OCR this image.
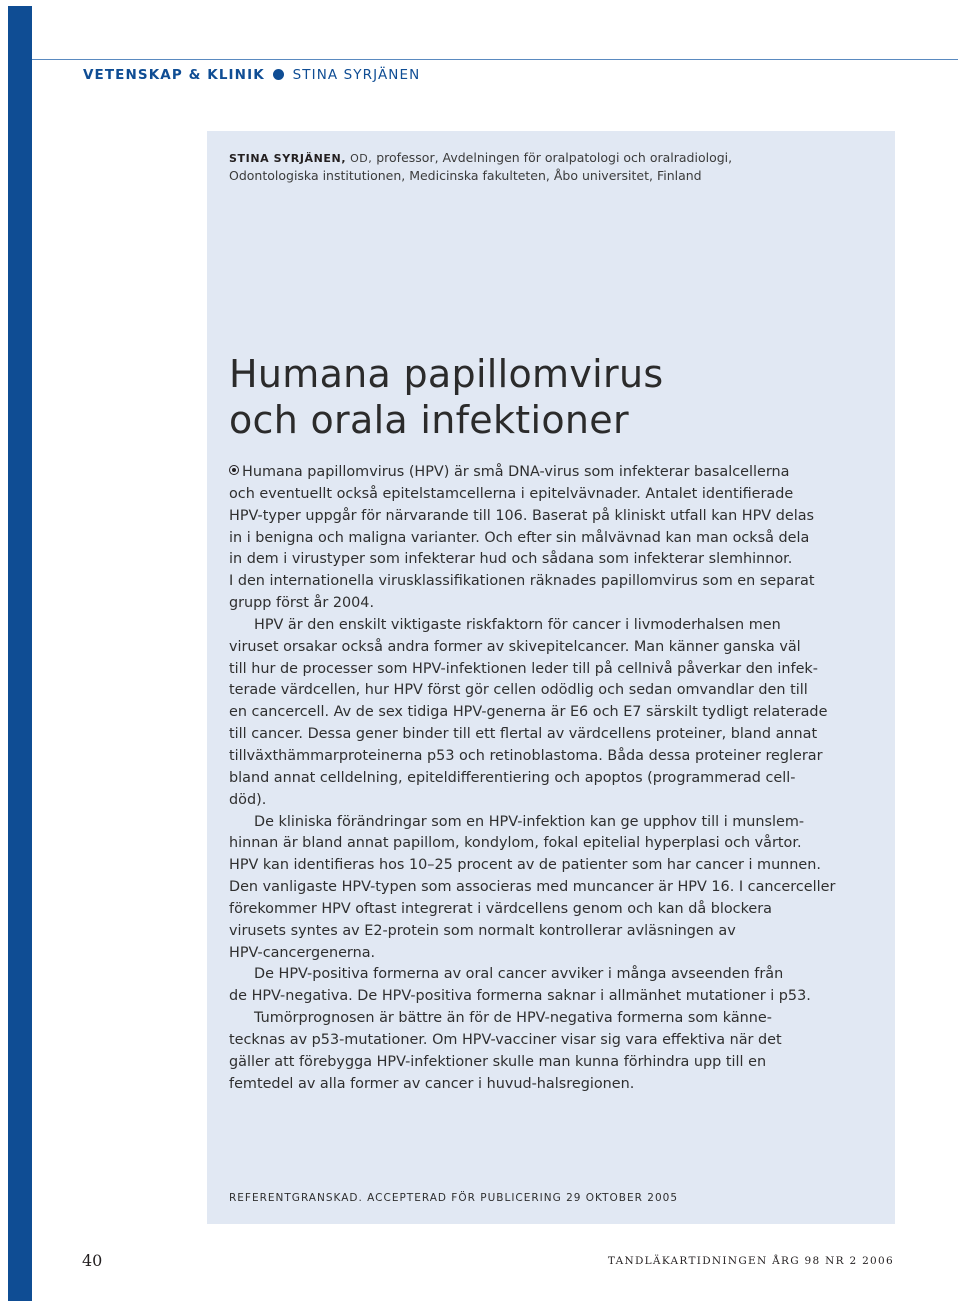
VETENSKAP & KLINIK STINA SYRJÄNEN
STINA SYRJÄNEN, OD, professor, Avdelningen för oralpatologi och oralradiologi,
Odontologiska institutionen, Medicinska fakulteten, Åbo universitet, Finland
Humana papillomvirus
och orala infektioner
Humana papillomvirus (HPV) är små DNA-virus som infekterar basalcellerna
och eventuellt också epitelstamcellerna i epitelvävnader. Antalet identifierade
HPV-typer uppgår för närvarande till 106. Baserat på kliniskt utfall kan HPV delas
in i benigna och maligna varianter. Och efter sin målvävnad kan man också dela
in dem i virustyper som infekterar hud och sådana som infekterar slemhinnor.
I den internationella virusklassifikationen räknades papillomvirus som en separat
grupp först år 2004.
HPV är den enskilt viktigaste riskfaktorn för cancer i livmoderhalsen men
viruset orsakar också andra former av skivepitelcancer. Man känner ganska väl
till hur de processer som HPV-infektionen leder till på cellnivå påverkar den infek-
terade värdcellen, hur HPV först gör cellen odödlig och sedan omvandlar den till
en cancercell. Av de sex tidiga HPV-generna är E6 och E7 särskilt tydligt relaterade
till cancer. Dessa gener binder till ett flertal av värdcellens proteiner, bland annat
tillväxthämmarproteinerna p53 och retinoblastoma. Båda dessa proteiner reglerar
bland annat celldelning, epiteldifferentiering och apoptos (programmerad cell-
död).
De kliniska förändringar som en HPV-infektion kan ge upphov till i munslem-
hinnan är bland annat papillom, kondylom, fokal epitelial hyperplasi och vårtor.
HPV kan identifieras hos 10–25 procent av de patienter som har cancer i munnen.
Den vanligaste HPV-typen som associeras med muncancer är HPV 16. I cancerceller
förekommer HPV oftast integrerat i värdcellens genom och kan då blockera
virusets syntes av E2-protein som normalt kontrollerar avläsningen av
HPV-cancergenerna.
De HPV-positiva formerna av oral cancer avviker i många avseenden från
de HPV-negativa. De HPV-positiva formerna saknar i allmänhet mutationer i p53.
Tumörprognosen är bättre än för de HPV-negativa formerna som känne-
tecknas av p53-mutationer. Om HPV-vacciner visar sig vara effektiva när det
gäller att förebygga HPV-infektioner skulle man kunna förhindra upp till en
femtedel av alla former av cancer i huvud-halsregionen.
REFERENTGRANSKAD. ACCEPTERAD FÖR PUBLICERING 29 OKTOBER 2005
40	TANDLÄKARTIDNINGEN ÅRG 98 NR 2 2006
